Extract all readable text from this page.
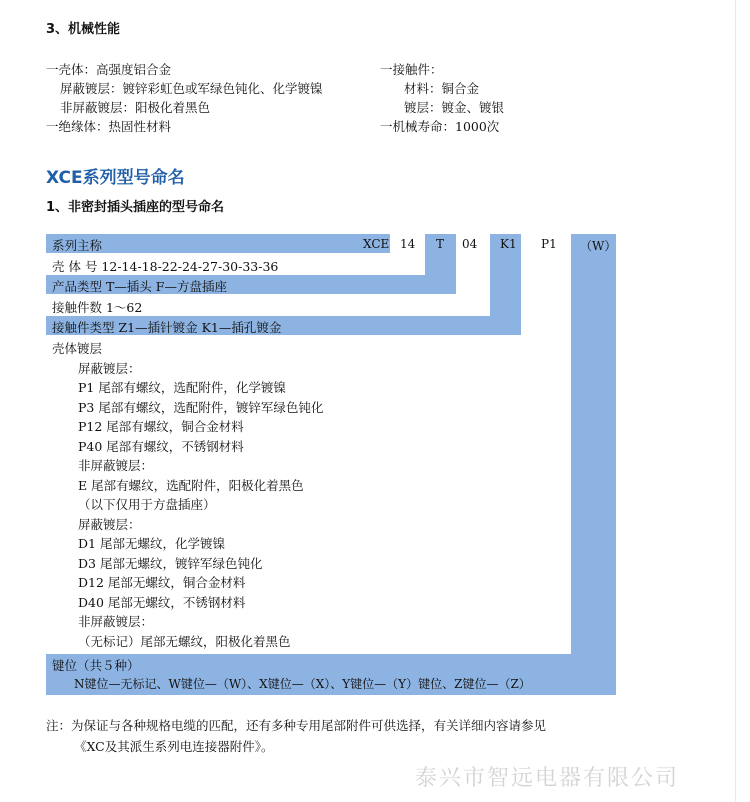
3、机械性能
一壳体：高强度铝合金
屏蔽镀层：镀锌彩虹色或军绿色钝化、化学镀镍
非屏蔽镀层：阳极化着黑色
一绝缘体：热固性材料
一接触件：
材料：铜合金
镀层：镀金、镀银
一机械寿命：1000次
XCE系列型号命名
1、非密封插头插座的型号命名
XCE 14 T 04 K1 P1 （W）
系列主称
壳 体 号 12-14-18-22-24-27-30-33-36
产品类型 T—插头 F—方盘插座
接触件数 1～62
接触件类型 Z1—插针镀金 K1—插孔镀金
壳体镀层
屏蔽镀层：
P1 尾部有螺纹，选配附件，化学镀镍
P3 尾部有螺纹，选配附件，镀锌军绿色钝化
P12 尾部有螺纹，铜合金材料
P40 尾部有螺纹，不锈钢材料
非屏蔽镀层：
E 尾部有螺纹，选配附件，阳极化着黑色
（以下仅用于方盘插座）
屏蔽镀层：
D1 尾部无螺纹，化学镀镍
D3 尾部无螺纹，镀锌军绿色钝化
D12 尾部无螺纹，铜合金材料
D40 尾部无螺纹，不锈钢材料
非屏蔽镀层：
（无标记）尾部无螺纹，阳极化着黑色
键位（共５种）
N键位—无标记、W键位—（W）、X键位—（X）、Y键位—（Y）键位、Z键位—（Z）
注：为保证与各种规格电缆的匹配，还有多种专用尾部附件可供选择，有关详细内容请参见
《XC及其派生系列电连接器附件》。
泰兴市智远电器有限公司
